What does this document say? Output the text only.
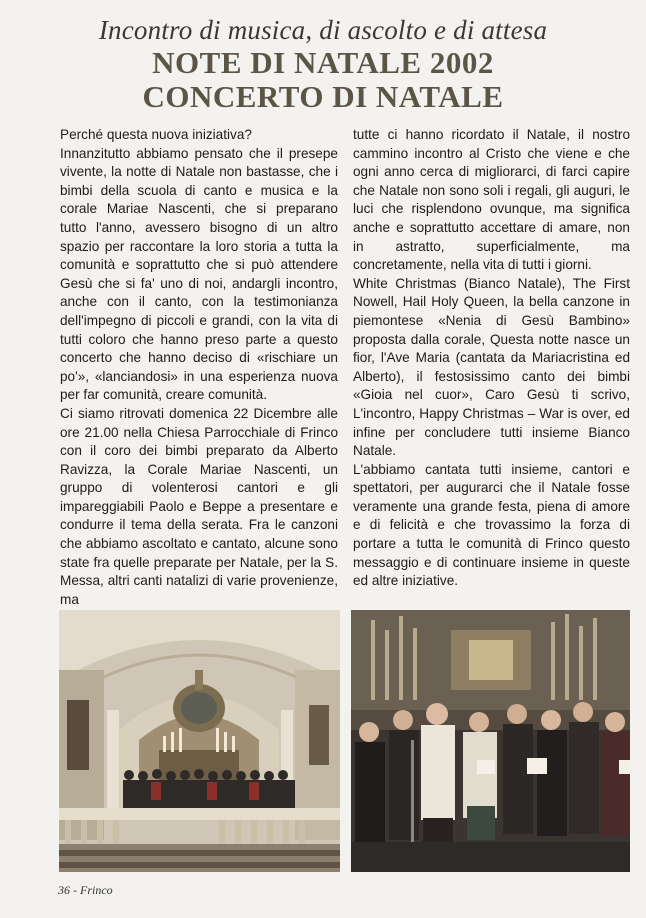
Incontro di musica, di ascolto e di attesa
NOTE DI NATALE 2002
CONCERTO DI NATALE

Perché questa nuova iniziativa?

Innanzitutto abbiamo pensato che il presepe vivente, la notte di Natale non bastasse, che i bimbi della scuola di canto e musica e la corale Mariae Nascenti, che si preparano tutto l'anno, avessero bisogno di un altro spazio per raccontare la loro storia a tutta la comunità e soprattutto che si può attendere Gesù che si fa' uno di noi, andargli incontro, anche con il canto, con la testimonianza dell'impegno di piccoli e grandi, con la vita di tutti coloro che hanno preso parte a questo concerto che hanno deciso di «rischiare un po'», «lanciandosi» in una esperienza nuova per far comunità, creare comunità.

Ci siamo ritrovati domenica 22 Dicembre alle ore 21.00 nella Chiesa Parrocchiale di Frinco con il coro dei bimbi preparato da Alberto Ravizza, la Corale Mariae Nascenti, un gruppo di volenterosi cantori e gli impareggiabili Paolo e Beppe a presentare e condurre il tema della serata. Fra le canzoni che abbiamo ascoltato e cantato, alcune sono state fra quelle preparate per Natale, per la S. Messa, altri canti natalizi di varie provenienze, ma

tutte ci hanno ricordato il Natale, il nostro cammino incontro al Cristo che viene e che ogni anno cerca di migliorarci, di farci capire che Natale non sono soli i regali, gli auguri, le luci che risplendono ovunque, ma significa anche e soprattutto accettare di amare, non in astratto, superficialmente, ma concretamente, nella vita di tutti i giorni.

White Christmas (Bianco Natale), The First Nowell, Hail Holy Queen, la bella canzone in piemontese «Nenia di Gesù Bambino» proposta dalla corale, Questa notte nasce un fior, l'Ave Maria (cantata da Mariacristina ed Alberto), il festosissimo canto dei bimbi «Gioia nel cuor», Caro Gesù ti scrivo, L'incontro, Happy Christmas – War is over, ed infine per concludere tutti insieme Bianco Natale.

L'abbiamo cantata tutti insieme, cantori e spettatori, per augurarci che il Natale fosse veramente una grande festa, piena di amore e di felicità e che trovassimo la forza di portare a tutta le comunità di Frinco questo messaggio e di continuare insieme in queste ed altre iniziative.

36 - Frinco
